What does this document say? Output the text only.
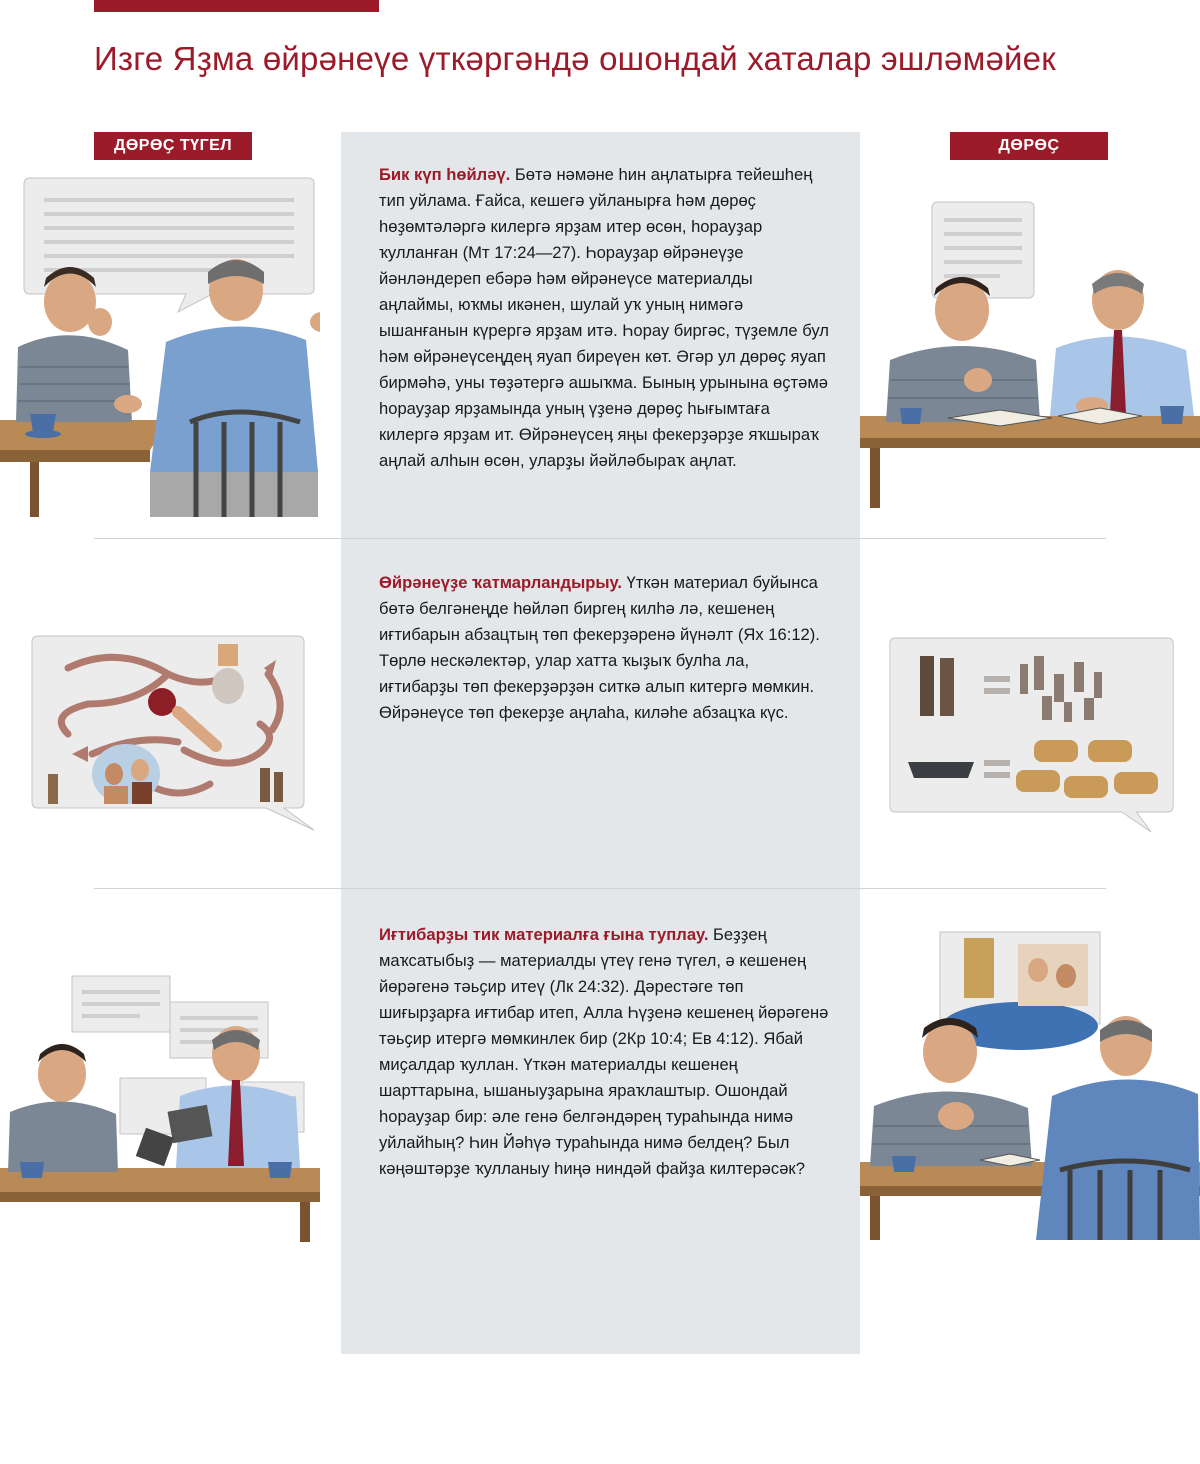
Изге Яҙма өйрәнеүе үткәргәндә ошондай хаталар эшләмәйек
ДӨРӨҪ ТҮГЕЛ	ДӨРӨҪ
Бик күп һөйләү. Бөтә нәмәне һин аңлатырға тейешһең тип уйлама. Ғайса, кешегә уйланырға һәм дөрөҫ һөҙөмтәләргә килергә ярҙам итер өсөн, һорауҙар ҡулланған (Мт 17:24—27). Һорауҙар өйрәнеүҙе йәнләндереп ебәрә һәм өйрәнеүсе материалды аңлаймы, юҡмы икәнен, шулай уҡ уның нимәгә ышанғанын күрергә ярҙам итә. Һорау биргәс, түҙемле бул һәм өйрәнеүсеңдең яуап биреүен көт. Әгәр ул дөрөҫ яуап бирмәһә, уны төҙәтергә ашыҡма. Быныӊ урынына өҫтәмә һорауҙар ярҙамында уның үҙенә дөрөҫ һығымтаға килергә ярҙам ит. Өйрәнеүсеӊ яңы фекерҙәрҙе яҡшыраҡ аңлай алһын өсөн, уларҙы йәйләбыраҡ аңлат.
Өйрәнеүҙе ҡатмарландырыу. Үткән материал буйынса бөтә белгәнеңде һөйләп биргең килһә лә, кешенең иғтибарын абзацтың төп фекерҙәренә йүнәлт (Ях 16:12). Төрлө нескәлектәр, улар хатта ҡыҙыҡ булһа ла, иғтибарҙы төп фекерҙәрҙән ситкә алып китергә мөмкин. Өйрәнеүсе төп фекерҙе аңлаһа, киләһе абзацҡа күс.
Иғтибарҙы тик материалға ғына туплау. Беҙҙең маҡсатыбыҙ — материалды үтеү генә түгел, ә кешенең йөрәгенә тәьҫир итеү (Лк 24:32). Дәрестәге төп шиғырҙарға иғтибар итеп, Алла Һүҙенә кешенең йөрәгенә тәьҫир итергә мөмкинлек бир (2Кр 10:4; Ев 4:12). Ябай миҫалдар ҡуллан. Үткән материалды кешенең шарттарына, ышаныуҙарына яраҡлаштыр. Ошондай һорауҙар бир: әле генә белгәндәрең тураһында нимә уйлайһың? Һин Йәһүә тураһында нимә белдең? Был кәңәштәрҙе ҡулланыу һиңә ниндәй файҙа килтерәсәк?
